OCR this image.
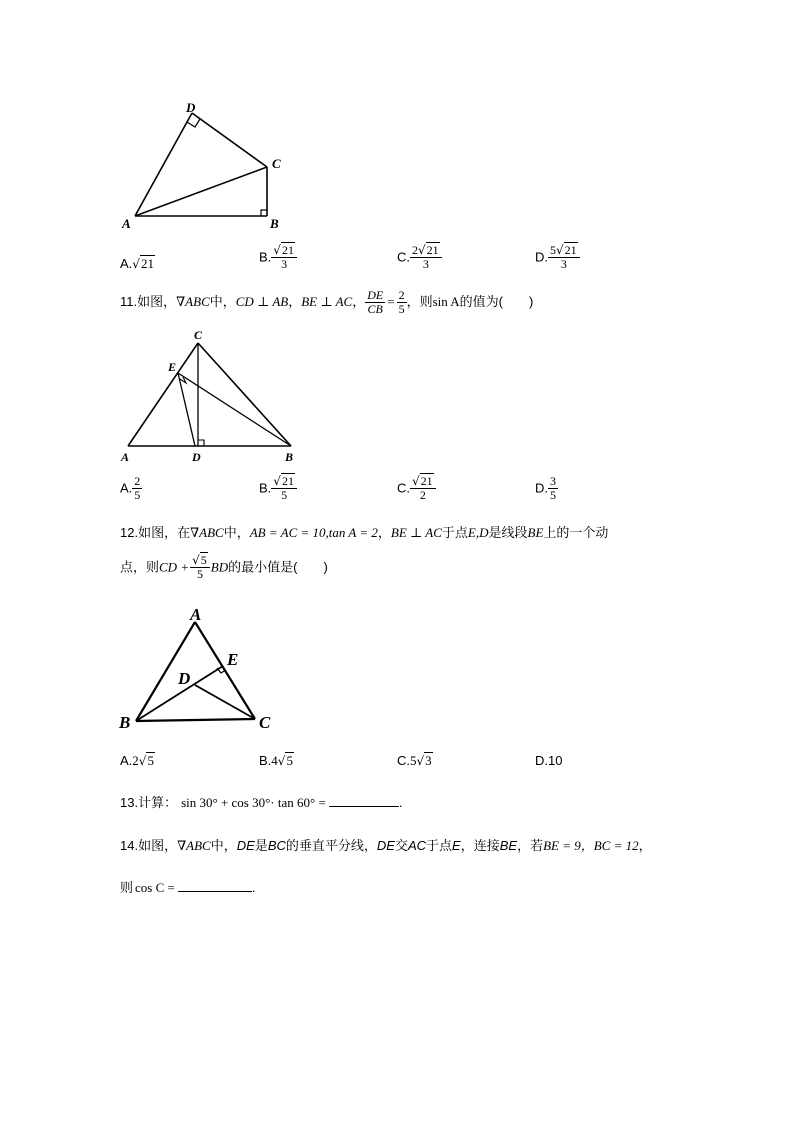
A
D
C
B
A.√21	B. $\frac{√21}{3}$	C. $\frac{2√21}{3}$	D. $\frac{5√21}{3}$
11.如图，∇ABC中，CD ⊥ AB，BE ⊥ AC， $\frac{DE}{CB} = \frac{2}{5}$ ，则sin A的值为(　　)
C
E
A	D	B
A. $\frac{2}{5}$	B. $\frac{√21}{5}$	C. $\frac{√21}{2}$	D. $\frac{3}{5}$
12.如图，在∇ABC中，AB = AC = 10,tan A = 2，BE ⊥ AC于点E,D是线段BE上的一个动
点，则CD + $\frac{√5}{5}$ BD的最小值是(　　)
A
E
D
B	C
A.2√5	B.4√5	C.5√3	D.10
13.计算： sin 30° + cos 30°· tan 60° =	.
14.如图，∇ABC中，DE是BC的垂直平分线，DE交AC于点E，连接BE，若BE = 9，BC = 12，
则 cos C =	.
